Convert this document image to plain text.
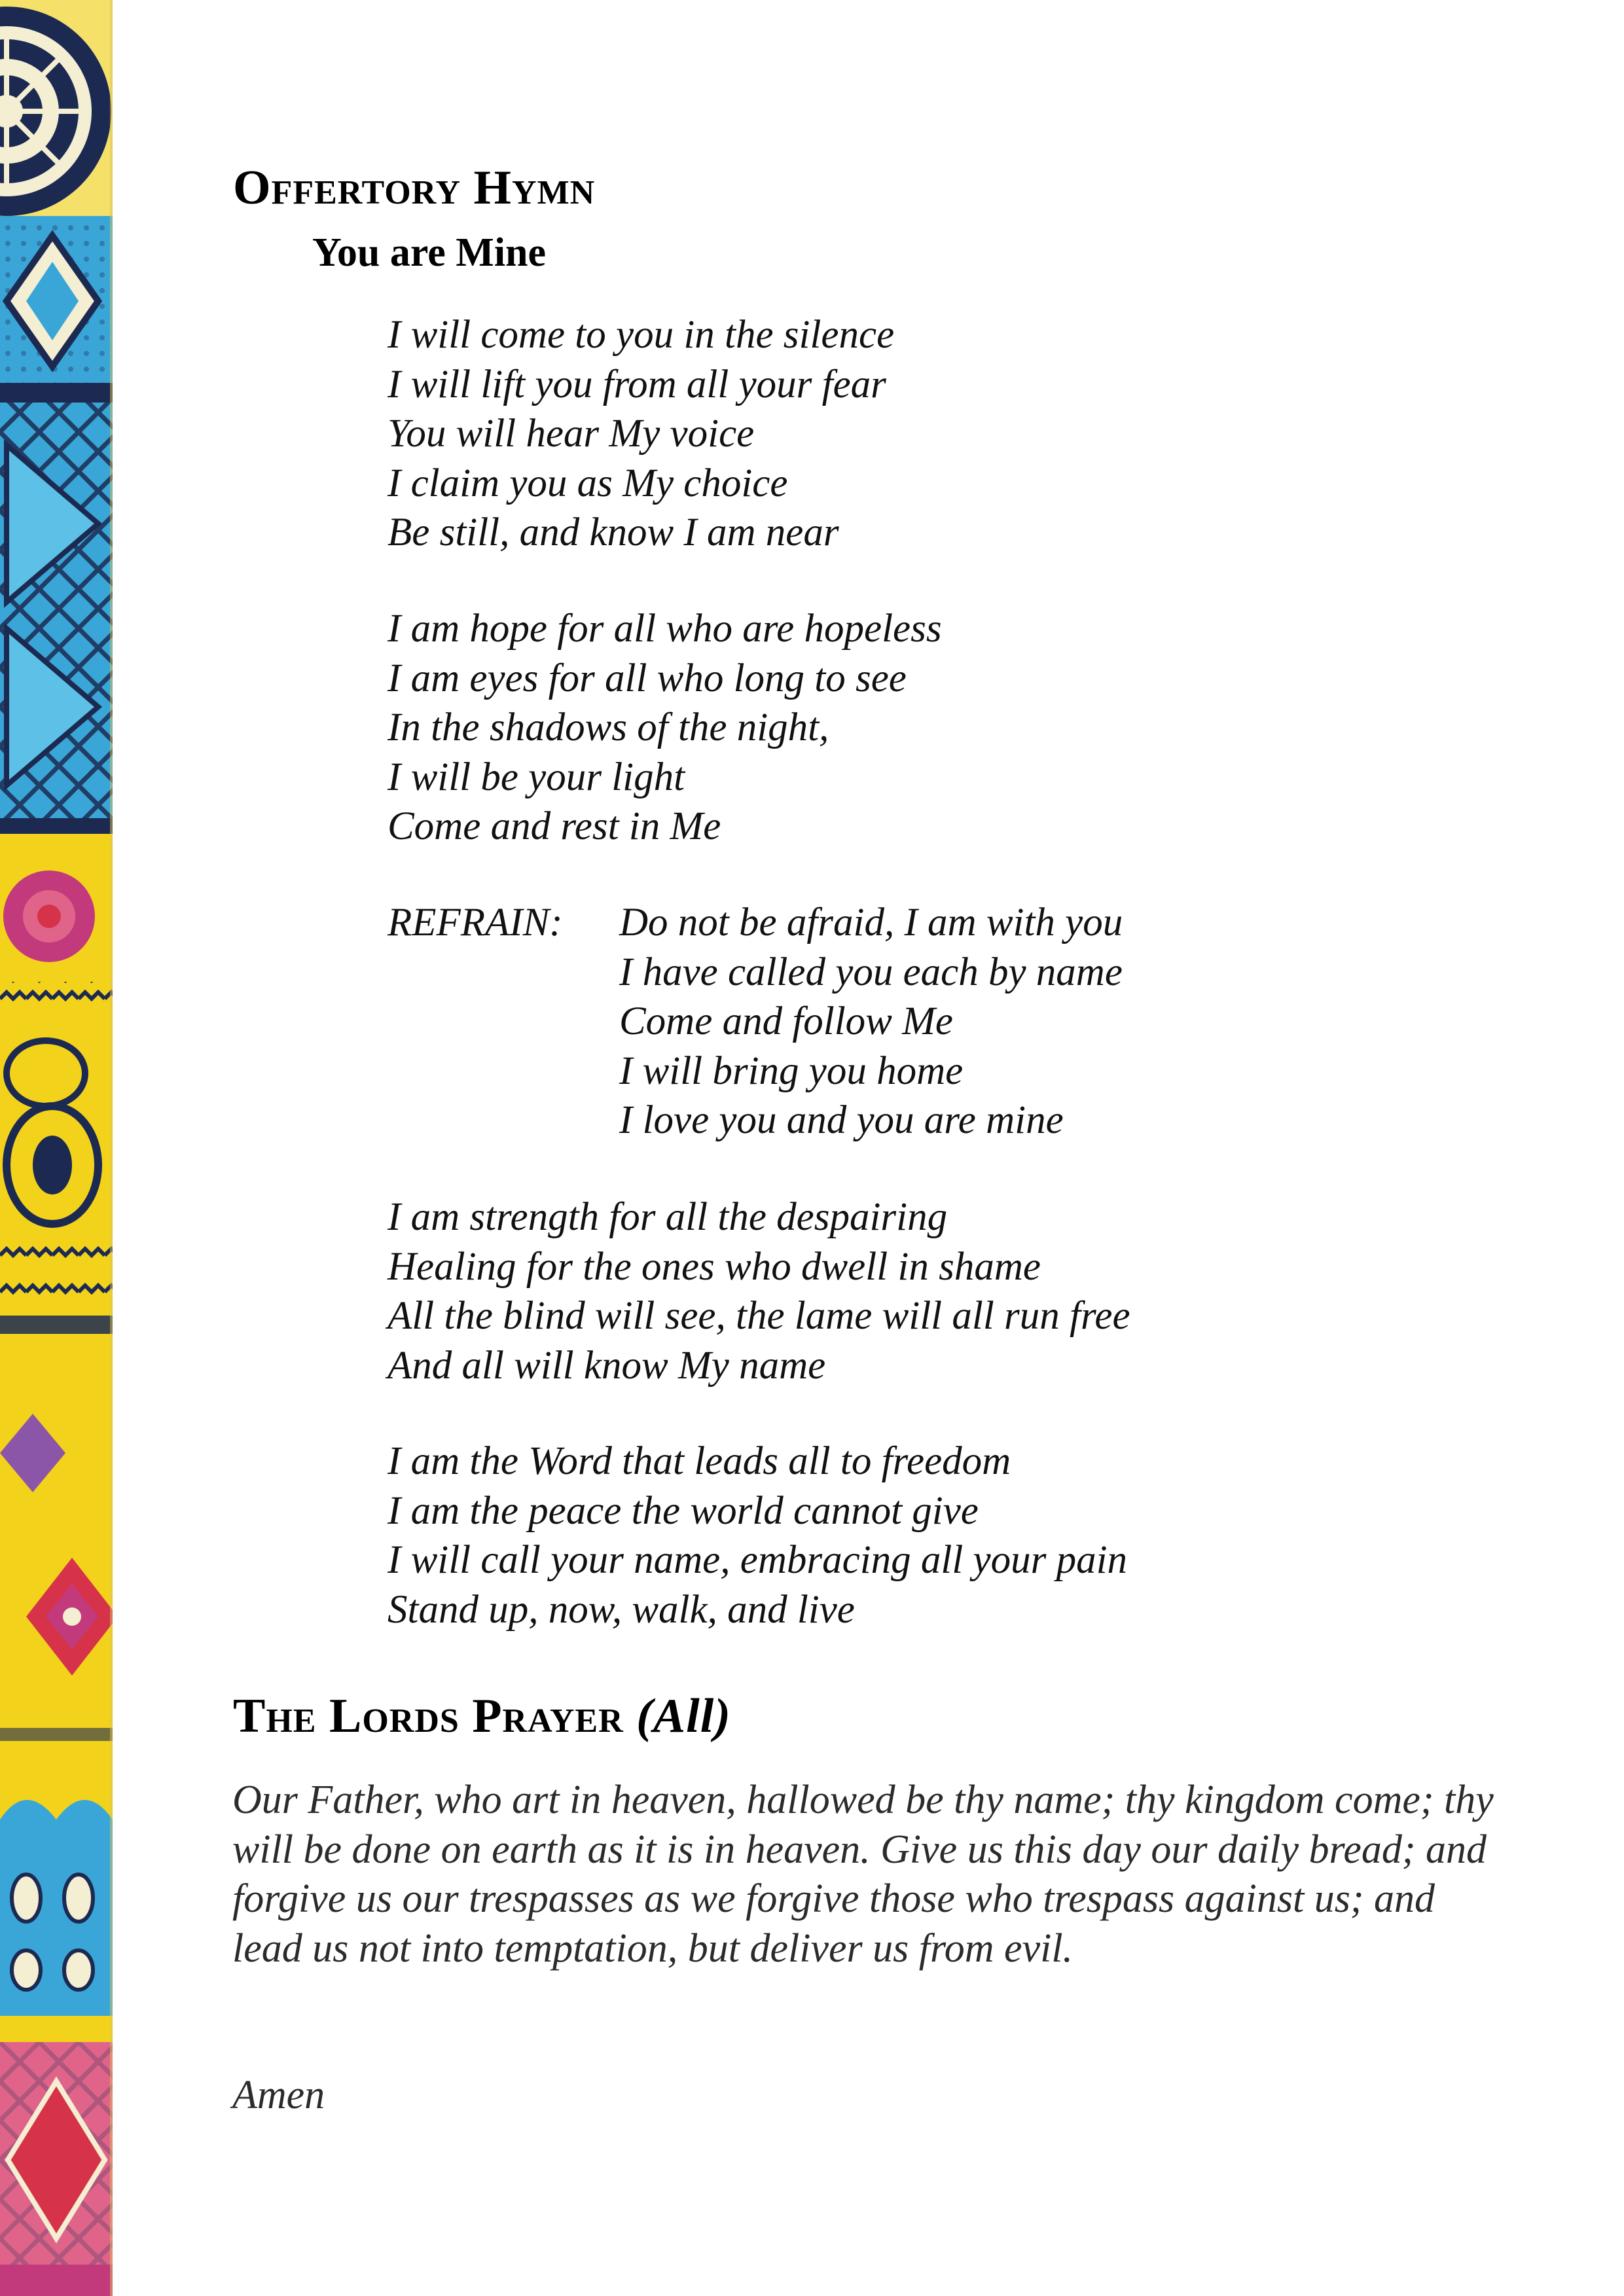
Offertory Hymn
You are Mine
I will come to you in the silence
I will lift you from all your fear
You will hear My voice
I claim you as My choice
Be still, and know I am near
I am hope for all who are hopeless
I am eyes for all who long to see
In the shadows of the night,
I will be your light
Come and rest in Me
REFRAIN: Do not be afraid, I am with you
I have called you each by name
Come and follow Me
I will bring you home
I love you and you are mine
I am strength for all the despairing
Healing for the ones who dwell in shame
All the blind will see, the lame will all run free
And all will know My name
I am the Word that leads all to freedom
I am the peace the world cannot give
I will call your name, embracing all your pain
Stand up, now, walk, and live
The Lords Prayer (All)

Our Father, who art in heaven, hallowed be thy name; thy kingdom come; thy will be done on earth as it is in heaven. Give us this day our daily bread; and forgive us our trespasses as we forgive those who trespass against us; and lead us not into temptation, but deliver us from evil.

Amen
